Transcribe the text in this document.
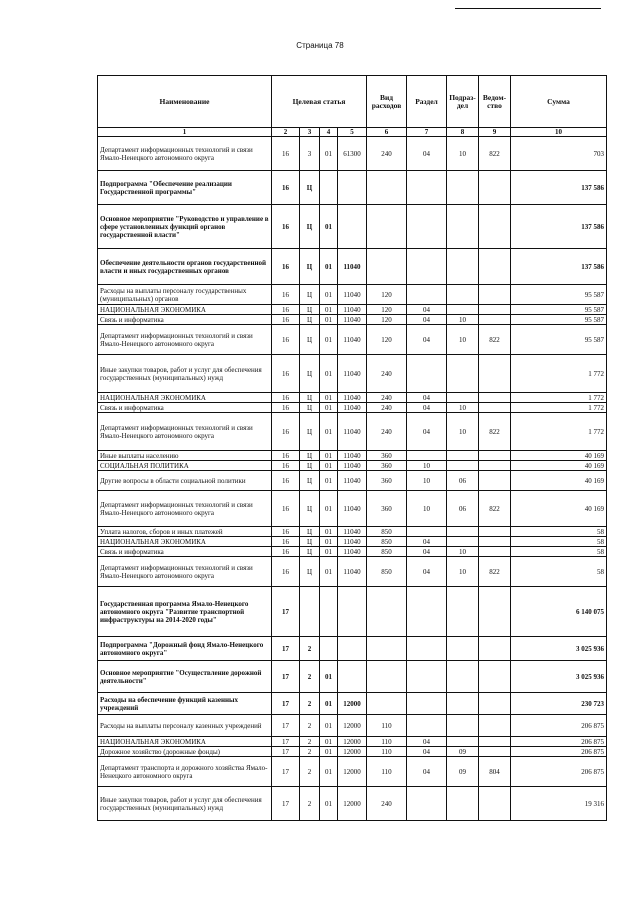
Страница 78
Наименование	Целевая статья				Вид расходов	Раздел	Подраз-дел	Ведом-ство	Сумма
1	2	3	4	5	6	7	8	9	10
Департамент информационных технологий и связи Ямало-Ненецкого автономного округа	16	3	01	61300	240	04	10	822	703
Подпрограмма "Обеспечение реализации Государственной программы"	16	Ц							137 586
Основное мероприятие "Руководство и управление в сфере установленных функций органов государственной власти"	16	Ц	01						137 586
Обеспечение деятельности органов государственной власти и иных государственных органов	16	Ц	01	11040					137 586
Расходы на выплаты персоналу государственных (муниципальных) органов	16	Ц	01	11040	120				95 587
НАЦИОНАЛЬНАЯ ЭКОНОМИКА	16	Ц	01	11040	120	04			95 587
Связь и информатика	16	Ц	01	11040	120	04	10		95 587
Департамент информационных технологий и связи Ямало-Ненецкого автономного округа	16	Ц	01	11040	120	04	10	822	95 587
Иные закупки товаров, работ и услуг для обеспечения государственных (муниципальных) нужд	16	Ц	01	11040	240				1 772
НАЦИОНАЛЬНАЯ ЭКОНОМИКА	16	Ц	01	11040	240	04			1 772
Связь и информатика	16	Ц	01	11040	240	04	10		1 772
Департамент информационных технологий и связи Ямало-Ненецкого автономного округа	16	Ц	01	11040	240	04	10	822	1 772
Иные выплаты населению	16	Ц	01	11040	360				40 169
СОЦИАЛЬНАЯ ПОЛИТИКА	16	Ц	01	11040	360	10			40 169
Другие вопросы в области социальной политики	16	Ц	01	11040	360	10	06		40 169
Департамент информационных технологий и связи Ямало-Ненецкого автономного округа	16	Ц	01	11040	360	10	06	822	40 169
Уплата налогов, сборов и иных платежей	16	Ц	01	11040	850				58
НАЦИОНАЛЬНАЯ ЭКОНОМИКА	16	Ц	01	11040	850	04			58
Связь и информатика	16	Ц	01	11040	850	04	10		58
Департамент информационных технологий и связи Ямало-Ненецкого автономного округа	16	Ц	01	11040	850	04	10	822	58
Государственная программа Ямало-Ненецкого автономного округа "Развитие транспортной инфраструктуры на 2014-2020 годы"	17								6 140 075
Подпрограмма "Дорожный фонд Ямало-Ненецкого автономного округа"	17	2							3 025 936
Основное мероприятие "Осуществление дорожной деятельности"	17	2	01						3 025 936
Расходы на обеспечение функций казенных учреждений	17	2	01	12000					230 723
Расходы на выплаты персоналу казенных учреждений	17	2	01	12000	110				206 875
НАЦИОНАЛЬНАЯ ЭКОНОМИКА	17	2	01	12000	110	04			206 875
Дорожное хозяйство (дорожные фонды)	17	2	01	12000	110	04	09		206 875
Департамент транспорта и дорожного хозяйства Ямало-Ненецкого автономного округа	17	2	01	12000	110	04	09	804	206 875
Иные закупки товаров, работ и услуг для обеспечения государственных (муниципальных) нужд	17	2	01	12000	240				19 316
